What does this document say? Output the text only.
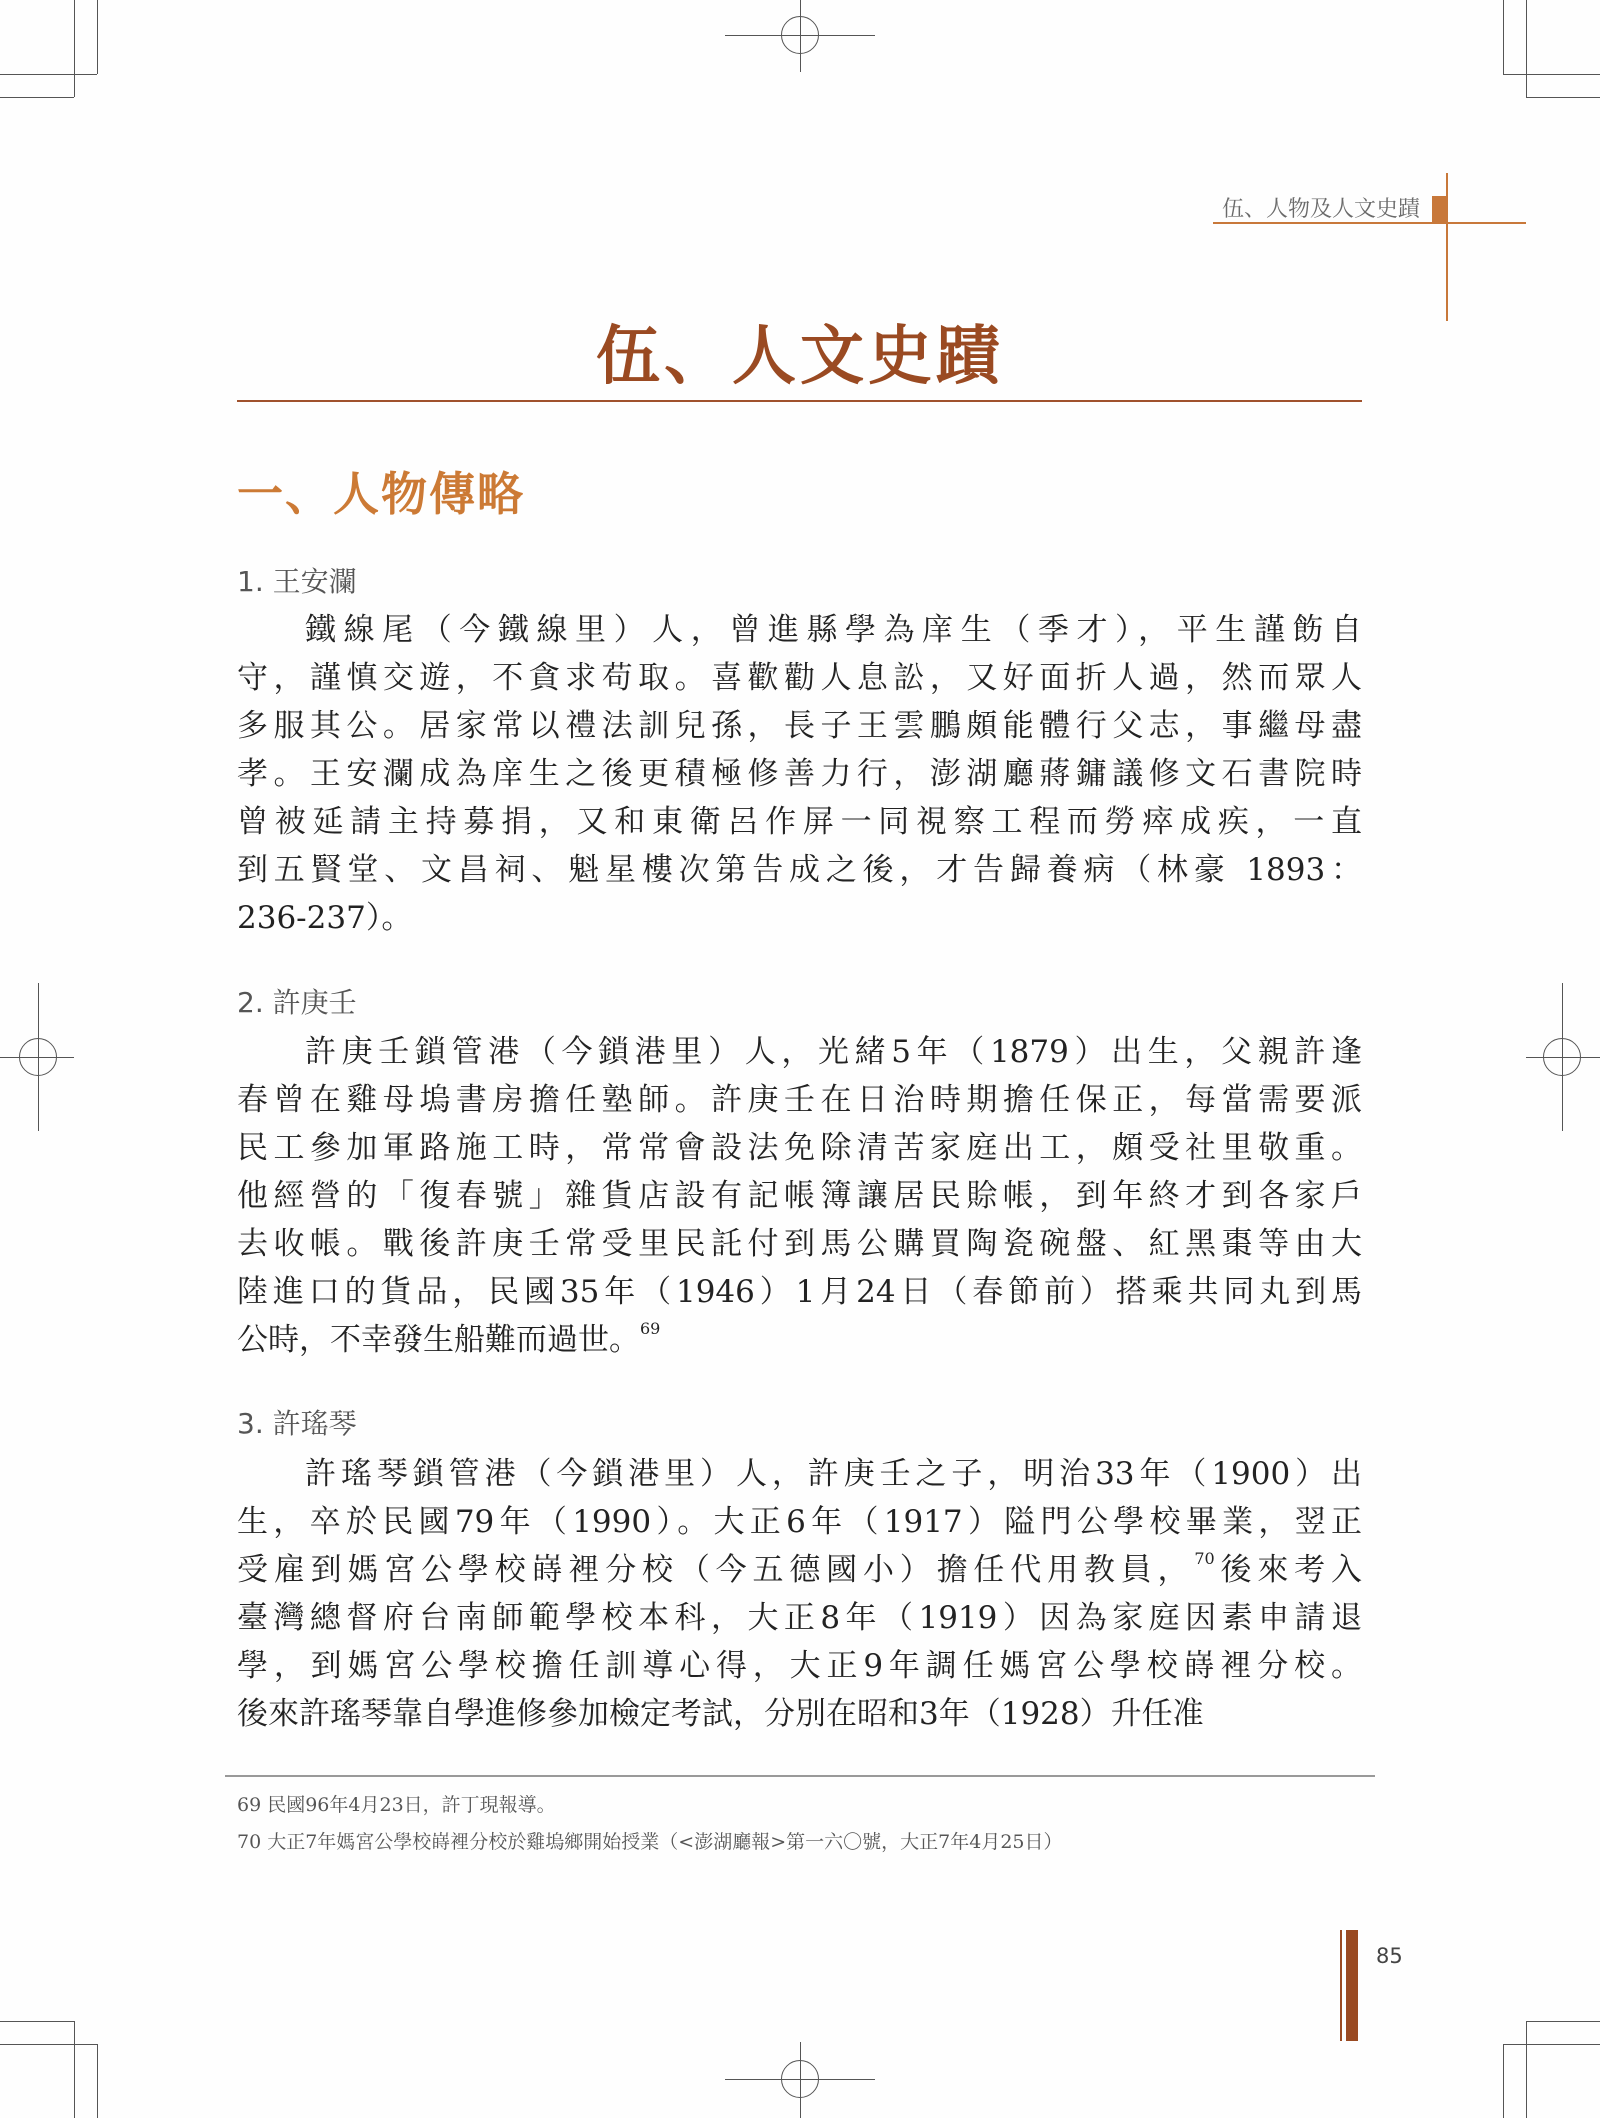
伍、人物及人文史蹟
伍、人文史蹟
一、人物傳略
1. 王安瀾
鐵線尾（今鐵線里）人，曾進縣學為庠生（季才），平生謹飭自
守，謹慎交遊，不貪求苟取。喜歡勸人息訟，又好面折人過，然而眾人
多服其公。居家常以禮法訓兒孫，長子王雲鵬頗能體行父志，事繼母盡
孝。王安瀾成為庠生之後更積極修善力行，澎湖廳蔣鏞議修文石書院時
曾被延請主持募捐，又和東衛呂作屏一同視察工程而勞瘁成疾，一直
到五賢堂、文昌祠、魁星樓次第告成之後，才告歸養病（林豪 1893：
236-237）。
2. 許庚壬
許庚壬鎖管港（今鎖港里）人，光緒5年（1879）出生，父親許逢
春曾在雞母塢書房擔任塾師。許庚壬在日治時期擔任保正，每當需要派
民工參加軍路施工時，常常會設法免除清苦家庭出工，頗受社里敬重。
他經營的「復春號」雜貨店設有記帳簿讓居民賒帳，到年終才到各家戶
去收帳。戰後許庚壬常受里民託付到馬公購買陶瓷碗盤、紅黑棗等由大
陸進口的貨品，民國35年（1946）1月24日（春節前）搭乘共同丸到馬
公時，不幸發生船難而過世。$^{69}$
3. 許瑤琴
許瑤琴鎖管港（今鎖港里）人，許庚壬之子，明治33年（1900）出
生，卒於民國79年（1990）。大正6年（1917）隘門公學校畢業，翌正
受雇到媽宮公學校嵵裡分校（今五德國小）擔任代用教員，$^{70}$後來考入
臺灣總督府台南師範學校本科，大正8年（1919）因為家庭因素申請退
學，到媽宮公學校擔任訓導心得，大正9年調任媽宮公學校嵵裡分校。
後來許瑤琴靠自學進修參加檢定考試，分別在昭和3年（1928）升任准
69 民國96年4月23日，許丁現報導。
70 大正7年媽宮公學校嵵裡分校於雞塢鄉開始授業（<澎湖廳報>第一六〇號，大正7年4月25日）
85
